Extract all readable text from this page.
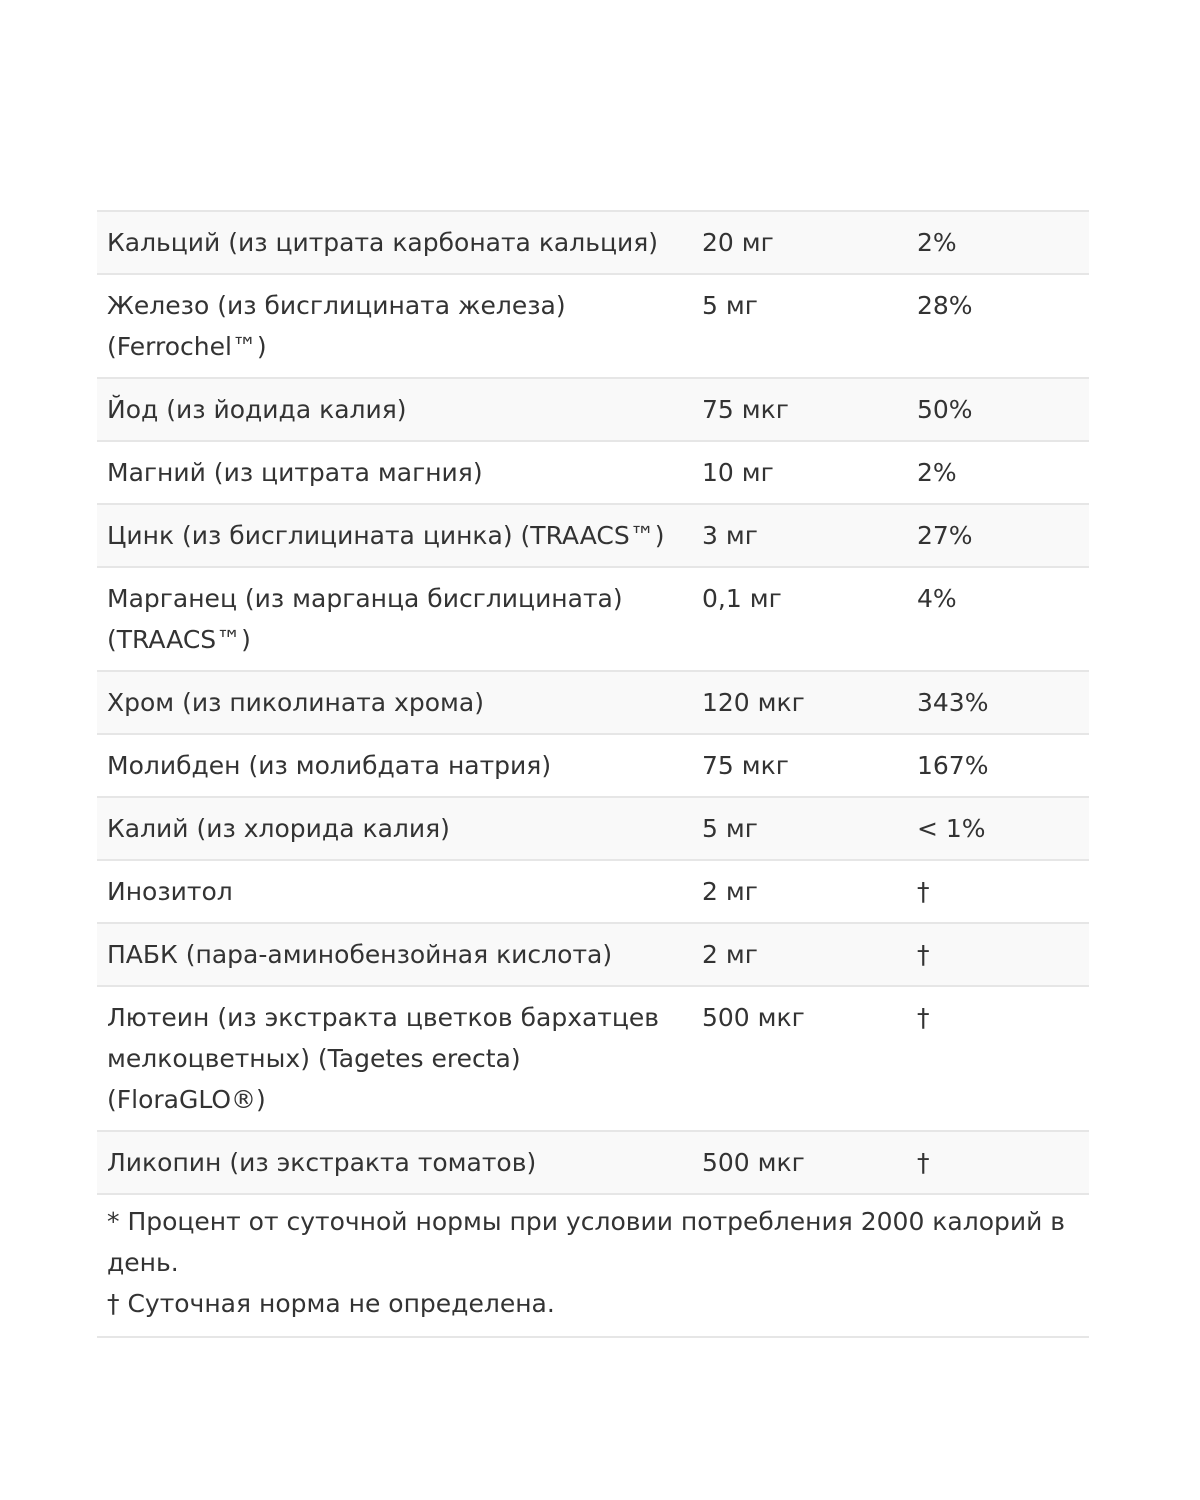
Кальций (из цитрата карбоната кальция)	20 мг	2%
Железо (из бисглицината железа) (Ferrochel™)	5 мг	28%
Йод (из йодида калия)	75 мкг	50%
Магний (из цитрата магния)	10 мг	2%
Цинк (из бисглицината цинка) (TRAACS™)	3 мг	27%
Марганец (из марганца бисглицината) (TRAACS™)	0,1 мг	4%
Хром (из пиколината хрома)	120 мкг	343%
Молибден (из молибдата натрия)	75 мкг	167%
Калий (из хлорида калия)	5 мг	< 1%
Инозитол	2 мг	†
ПАБК (пара-аминобензойная кислота)	2 мг	†
Лютеин (из экстракта цветков бархатцев мелкоцветных) (Tagetes erecta) (FloraGLO®)	500 мкг	†
Ликопин (из экстракта томатов)	500 мкг	†

* Процент от суточной нормы при условии потребления 2000 калорий в день.

† Суточная норма не определена.
